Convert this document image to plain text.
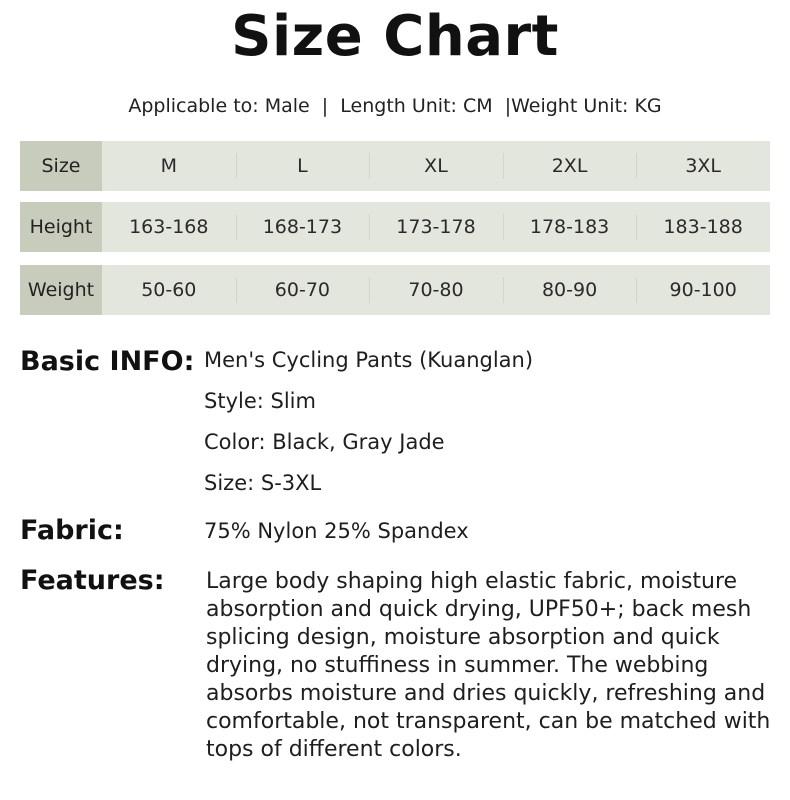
Size Chart
Applicable to: Male  |  Length Unit: CM  |Weight Unit: KG
Size	M	L	XL	2XL	3XL
Height	163-168	168-173	173-178	178-183	183-188
Weight	50-60	60-70	70-80	80-90	90-100
Basic INFO: Men's Cycling Pants (Kuanglan)
Style: Slim
Color: Black, Gray Jade
Size: S-3XL
Fabric:	75% Nylon 25% Spandex
Features: Large body shaping high elastic fabric, moisture absorption and quick drying, UPF50+; back mesh splicing design, moisture absorption and quick drying, no stuffiness in summer. The webbing absorbs moisture and dries quickly, refreshing and comfortable, not transparent, can be matched with tops of different colors.
